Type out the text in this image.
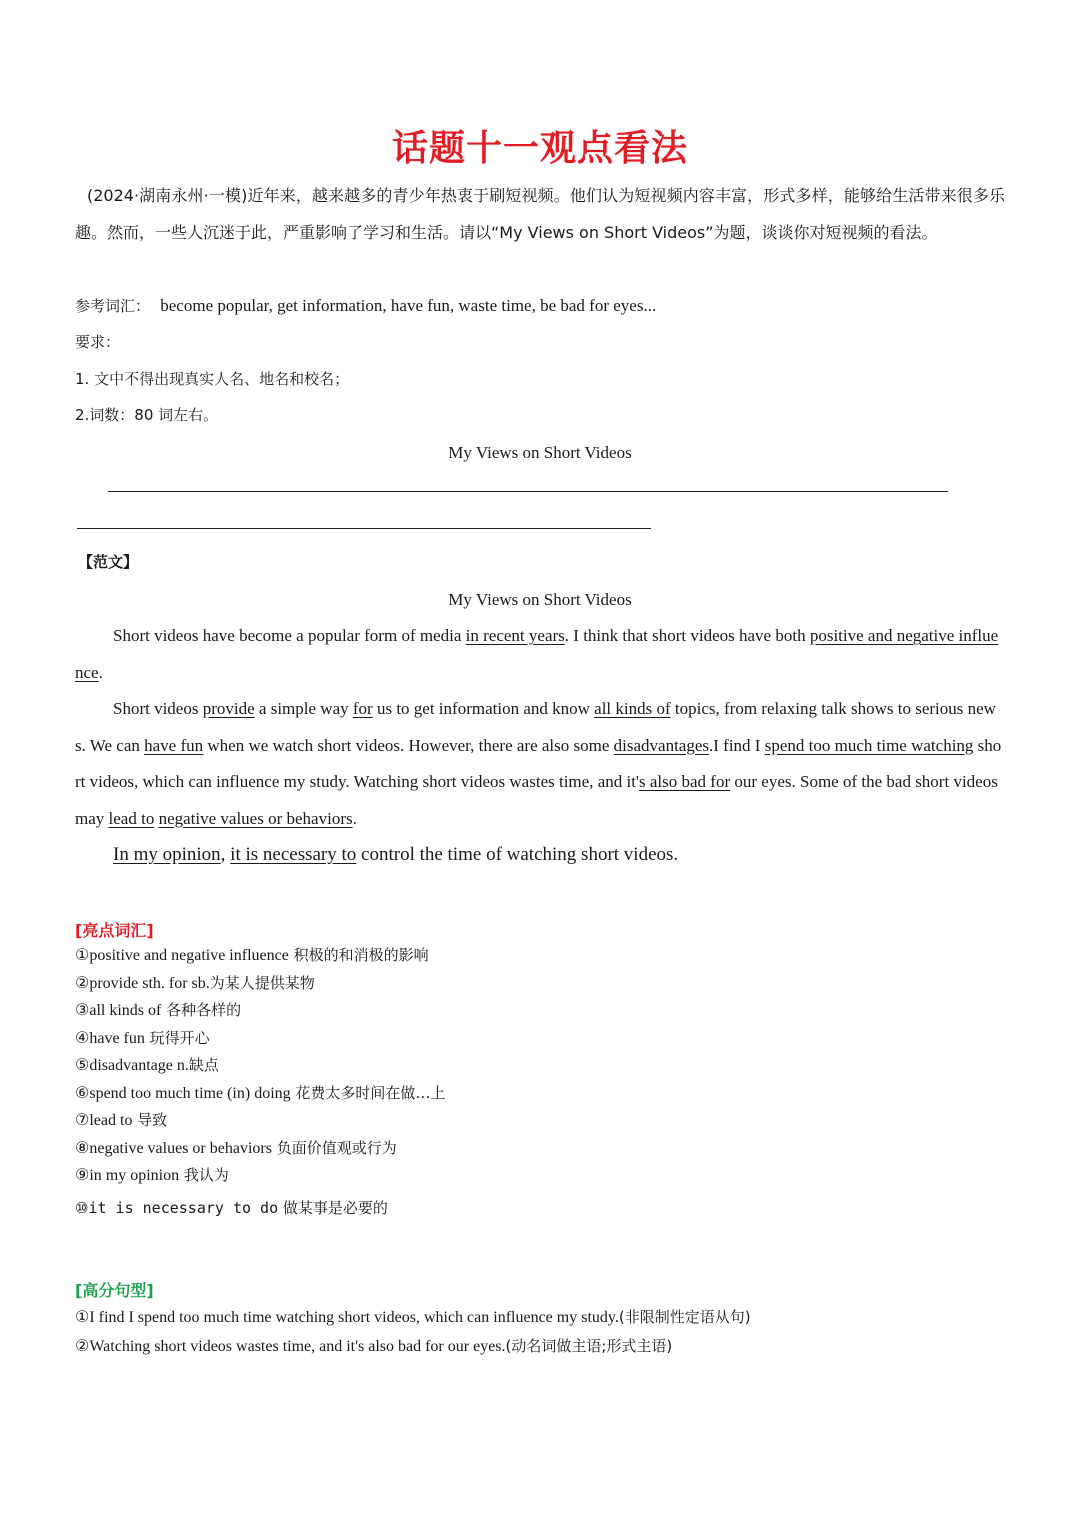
话题十一观点看法
(2024·湖南永州·一模)近年来，越来越多的青少年热衷于刷短视频。他们认为短视频内容丰富，形式多样，能够给生活带来很多乐趣。然而，一些人沉迷于此，严重影响了学习和生活。请以“My Views on Short Videos”为题，谈谈你对短视频的看法。
参考词汇： become popular, get information, have fun, waste time, be bad for eyes...
要求：
1. 文中不得出现真实人名、地名和校名；
2.词数：80 词左右。
My Views on Short Videos
【范文】
My Views on Short Videos

Short videos have become a popular form of media in recent years. I think that short videos have both positive and negative influence.

Short videos provide a simple way for us to get information and know all kinds of topics, from relaxing talk shows to serious news. We can have fun when we watch short videos. However, there are also some disadvantages.I find I spend too much time watching short videos, which can influence my study. Watching short videos wastes time, and it's also bad for our eyes. Some of the bad short videos may lead to negative values or behaviors.

In my opinion, it is necessary to control the time of watching short videos.

[亮点词汇]
①positive and negative influence 积极的和消极的影响
②provide sth. for sb.为某人提供某物
③all kinds of 各种各样的
④have fun 玩得开心
⑤disadvantage n.缺点
⑥spend too much time (in) doing 花费太多时间在做…上
⑦lead to 导致
⑧negative values or behaviors 负面价值观或行为
⑨in my opinion 我认为
⑩it is necessary to do 做某事是必要的
[高分句型]
①I find I spend too much time watching short videos, which can influence my study.(非限制性定语从句)
②Watching short videos wastes time, and it's also bad for our eyes.(动名词做主语;形式主语)
